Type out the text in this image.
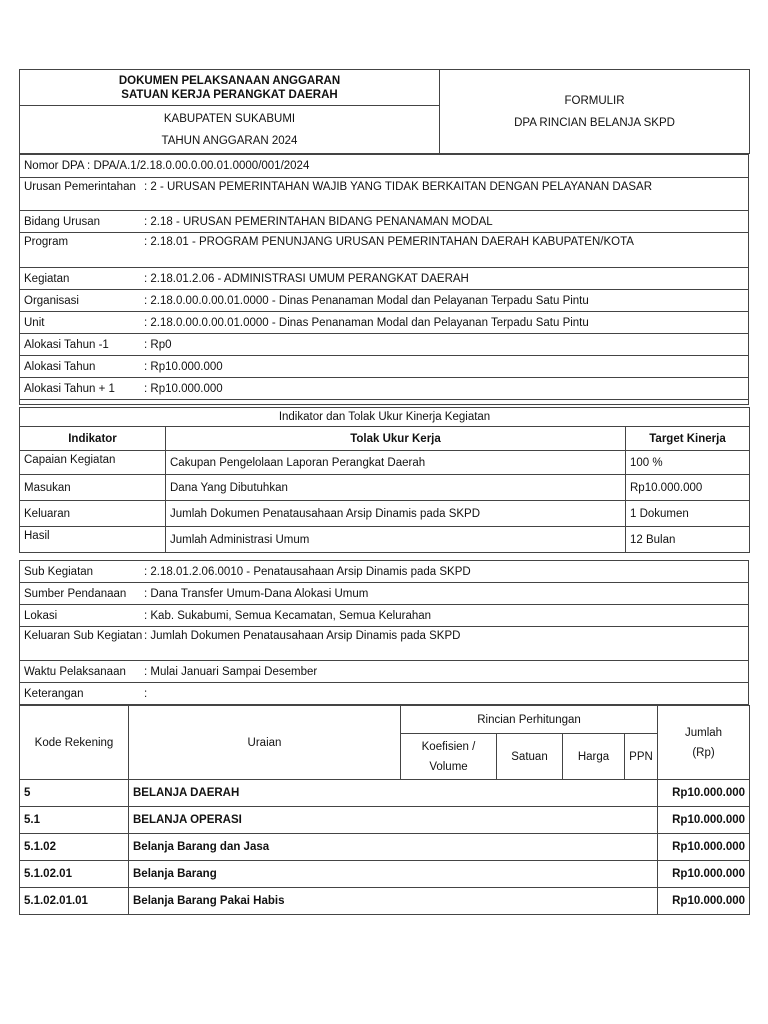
DOKUMEN PELAKSANAAN ANGGARAN
SATUAN KERJA PERANGKAT DAERAH	FORMULIR
DPA RINCIAN BELANJA SKPD

KABUPATEN SUKABUMI
TAHUN ANGGARAN 2024
Nomor DPA : DPA/A.1/2.18.0.00.0.00.01.0000/001/2024

Urusan Pemerintahan : 2 - URUSAN PEMERINTAHAN WAJIB YANG TIDAK BERKAITAN DENGAN PELAYANAN DASAR

Bidang Urusan	: 2.18 - URUSAN PEMERINTAHAN BIDANG PENANAMAN MODAL

Program	: 2.18.01 - PROGRAM PENUNJANG URUSAN PEMERINTAHAN DAERAH KABUPATEN/KOTA

Kegiatan	: 2.18.01.2.06 - ADMINISTRASI UMUM PERANGKAT DAERAH

Organisasi	: 2.18.0.00.0.00.01.0000 - Dinas Penanaman Modal dan Pelayanan Terpadu Satu Pintu

Unit	: 2.18.0.00.0.00.01.0000 - Dinas Penanaman Modal dan Pelayanan Terpadu Satu Pintu

Alokasi Tahun -1	: Rp0

Alokasi Tahun	: Rp10.000.000

Alokasi Tahun + 1	: Rp10.000.000

Indikator dan Tolak Ukur Kinerja Kegiatan		
Indikator	Tolak Ukur Kerja	Target Kinerja
Capaian Kegiatan	Cakupan Pengelolaan Laporan Perangkat Daerah	100 %
Masukan	Dana Yang Dibutuhkan	Rp10.000.000
Keluaran	Jumlah Dokumen Penatausahaan Arsip Dinamis pada SKPD	1 Dokumen
Hasil	Jumlah Administrasi Umum	12 Bulan
Sub Kegiatan	: 2.18.01.2.06.0010 - Penatausahaan Arsip Dinamis pada SKPD

Sumber Pendanaan	: Dana Transfer Umum-Dana Alokasi Umum

Lokasi	: Kab. Sukabumi, Semua Kecamatan, Semua Kelurahan

Keluaran Sub Kegiatan : Jumlah Dokumen Penatausahaan Arsip Dinamis pada SKPD

Waktu Pelaksanaan	: Mulai Januari Sampai Desember

Keterangan	:
Kode Rekening	Uraian	Rincian Perhitungan				Jumlah (Rp)
		Koefisien / Volume	Satuan	Harga	PPN	
5	BELANJA DAERAH					Rp10.000.000
5.1	BELANJA OPERASI					Rp10.000.000
5.1.02	Belanja Barang dan Jasa					Rp10.000.000
5.1.02.01	Belanja Barang					Rp10.000.000
5.1.02.01.01	Belanja Barang Pakai Habis					Rp10.000.000
